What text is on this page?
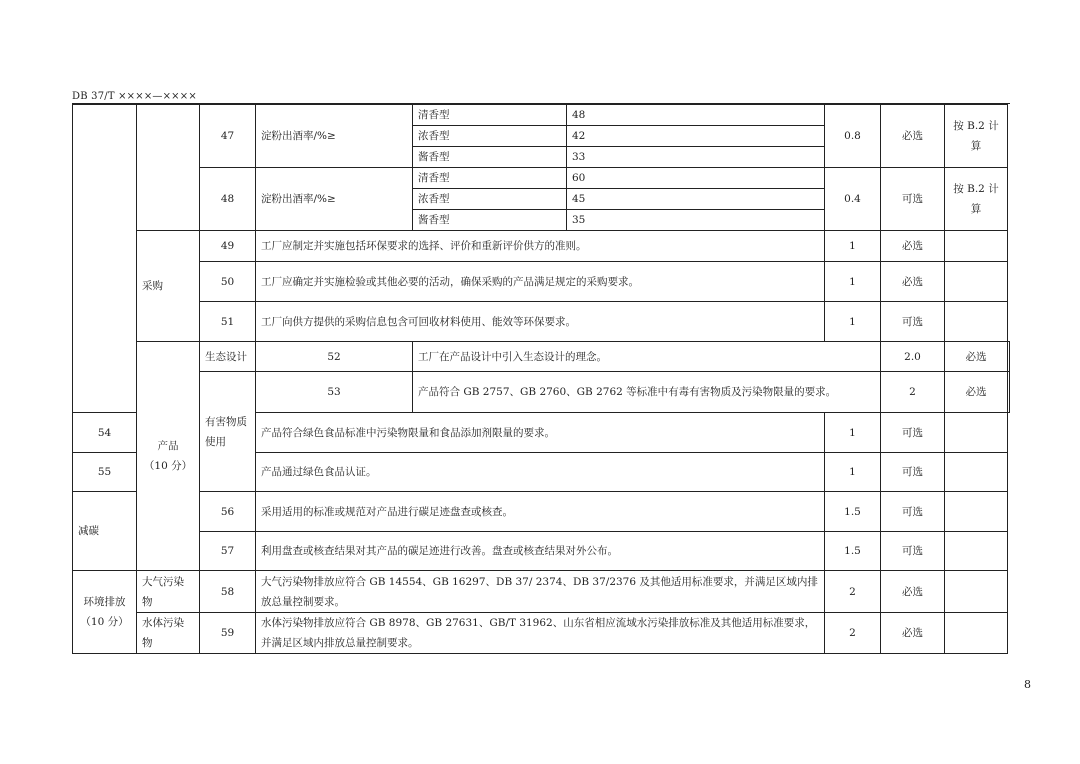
DB 37/T ××××—××××
		47	淀粉出酒率/%≥	清香型	48	0.8	必选	按 B.2 计算	
				浓香型	42				
				酱香型	33				
		48	淀粉出酒率/%≥	清香型	60	0.4	可选	按 B.2 计算	
				浓香型	45				
				酱香型	35				
	采购	49	工厂应制定并实施包括环保要求的选择、评价和重新评价供方的准则。			1	必选		
		50	工厂应确定并实施检验或其他必要的活动，确保采购的产品满足规定的采购要求。			1	必选		
		51	工厂向供方提供的采购信息包含可回收材料使用、能效等环保要求。			1	可选		

	产品
（10 分）	生态设计	52	工厂在产品设计中引入生态设计的理念。			2.0	必选	
		有害物质使用	53	产品符合 GB 2757、GB 2760、GB 2762 等标准中有毒有害物质及污染物限量的要求。			2	必选	
54			产品符合绿色食品标准中污染物限量和食品添加剂限量的要求。			1	可选		
55			产品通过绿色食品认证。			1	可选		
减碳		56	采用适用的标准或规范对产品进行碳足迹盘查或核查。			1.5	可选		
		57	利用盘查或核查结果对其产品的碳足迹进行改善。盘查或核查结果对外公布。			1.5	可选		

环境排放
（10 分）	大气污染物	58	大气污染物排放应符合 GB 14554、GB 16297、DB 37/ 2374、DB 37/2376 及其他适用标准要求，并满足区域内排放总量控制要求。			2	必选		
	水体污染物	59	水体污染物排放应符合 GB 8978、GB 27631、GB/T 31962、山东省相应流域水污染排放标准及其他适用标准要求，并满足区域内排放总量控制要求。			2	必选		
8
